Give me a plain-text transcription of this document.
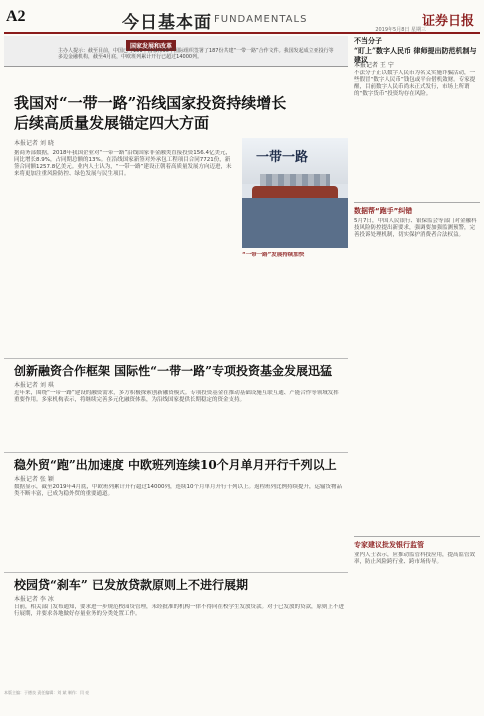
A2	今日基本面 FUNDAMENTALS	证券日报
2019年5月8日 星期三
国家发展和改革
主办人提示：截至目前，中国已与131个国家和30个国际组织签署了187份共建“一带一路”合作文件。我国发起成立亚投行等多边金融机构，截至4月底，中欧班列累计开行已超过14000列。
我国对“一带一路”沿线国家投资持续增长
后续高质量发展锚定四大方面
本报记者 刘 晓
据商务部数据，2018年我国企业对“一带一路”沿线国家非金融类直接投资156.4亿美元，同比增长8.9%，占同期总额的13%。在沿线国家新签对外承包工程项目合同7721份，新签合同额1257.8亿美元。业内人士认为，“一带一路”建设正朝着高质量发展方向迈进，未来将更加注重风险防控、绿色发展与民生项目。
一带一路
“一带一路”发展持续加快
创新融资合作框架 国际性“一带一路”专项投资基金发展迅猛
本报记者 刘 琪
近年来，围绕“一带一路”建设的融资需求，多方积极探索创新融资模式。专项投资基金在推动基础设施互联互通、产能合作等领域发挥重要作用。多家机构表示，将继续完善多元化融资体系，为沿线国家提供长期稳定的资金支持。
稳外贸“跑”出加速度 中欧班列连续10个月单月开行千列以上
本报记者 张 颖
数据显示，截至2019年4月底，中欧班列累计开行超过14000列，连续10个月单月开行千列以上。返程班列比例持续提升，运输货物品类不断丰富，已成为稳外贸的重要通道。
校园贷“刹车” 已发放贷款原则上不进行展期
本报记者 李 冰
日前，相关部门发布通知，要求进一步规范校园贷管理，未经批准的机构一律不得向在校学生发放贷款。对于已发放的贷款，原则上不进行展期，并要求各地做好存量业务的分类处置工作。
不当分子
“盯上”数字人民币 律师提出防范机制与建议
本报记者 王 宁
不法分子正以数字人民币为名义实施诈骗活动，一些假冒“数字人民币”钱包或平台借机敛财。专家提醒，目前数字人民币尚未正式发行，市场上所谓的“数字货币”投资均存在风险。
数据帮“跑手”纠错
5月7日，中国人民银行、银保监会等部门对金融科技风险防控提出新要求，强调要加强监测预警，完善投诉处理机制，切实保护消费者合法权益。
专家建议批发银行监管
业内人士表示，应推动监管科技应用，提高监管效率，防止风险跨行业、跨市场传导。
本版主编：于德良 责任编辑：刘 斌 制作：闫 亮
